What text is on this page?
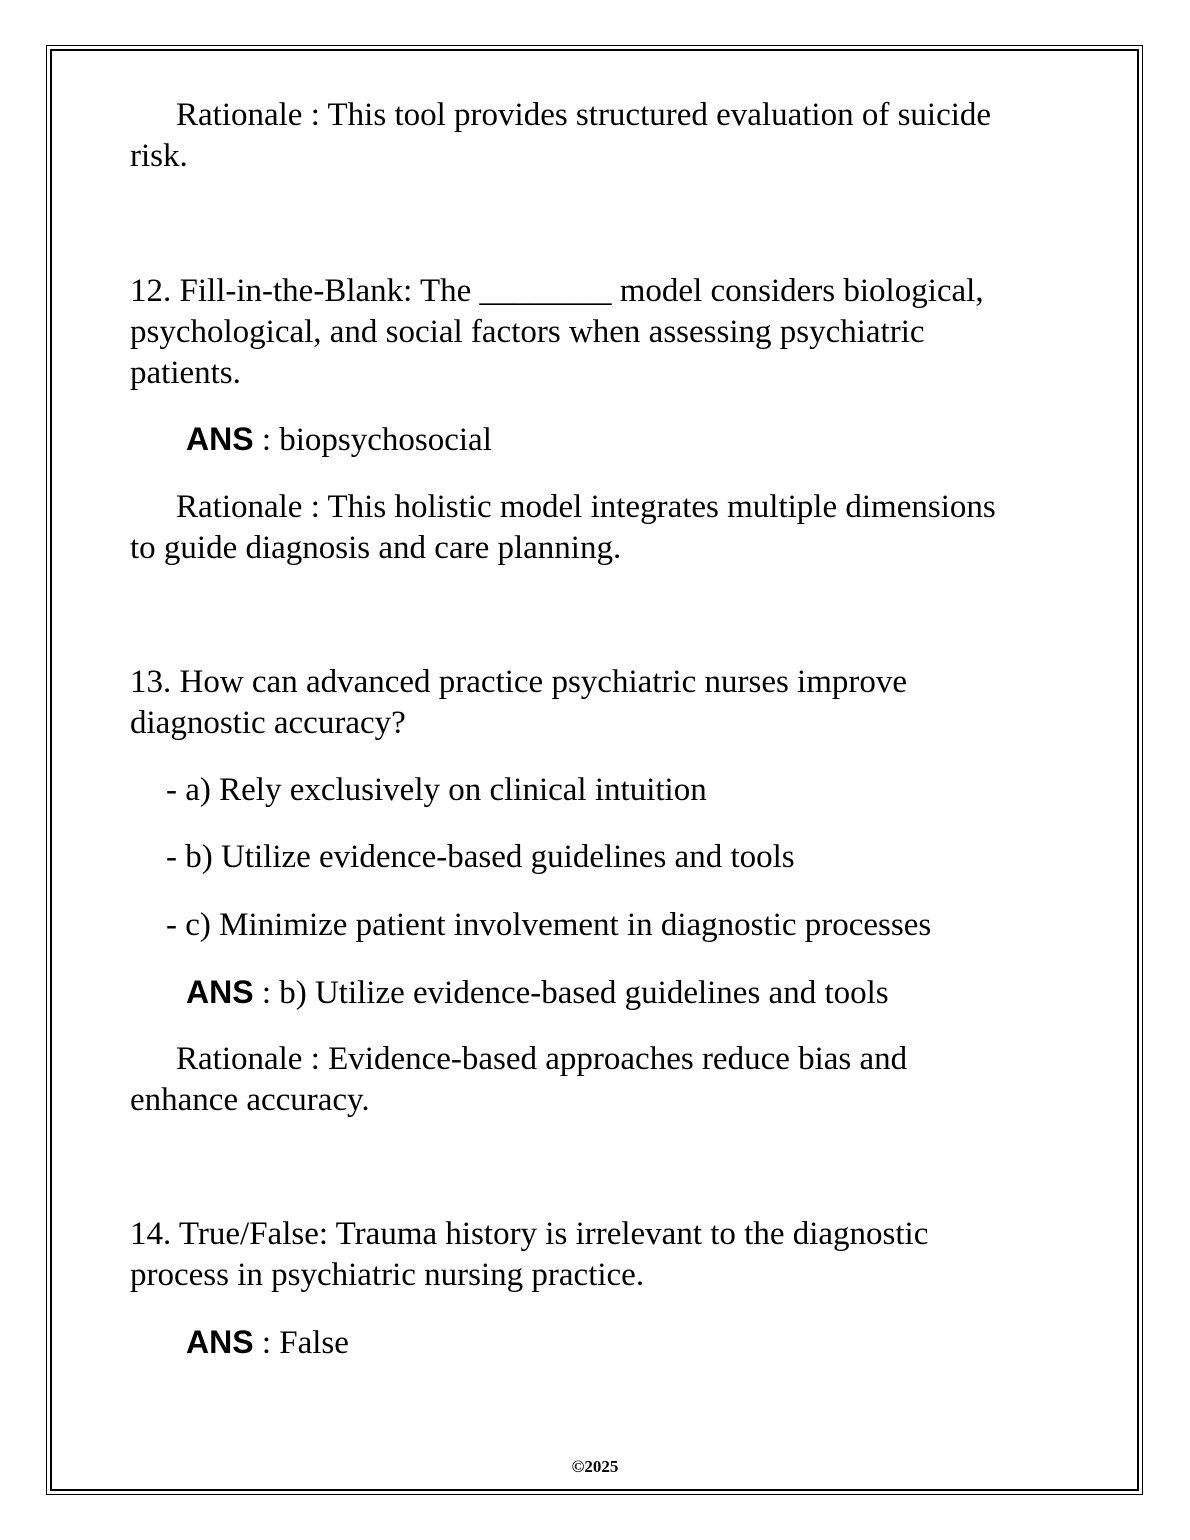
Rationale : This tool provides structured evaluation of suicide
risk.
12. Fill-in-the-Blank: The ________ model considers biological,
psychological, and social factors when assessing psychiatric
patients.
ANS : biopsychosocial
Rationale : This holistic model integrates multiple dimensions
to guide diagnosis and care planning.
13. How can advanced practice psychiatric nurses improve
diagnostic accuracy?
- a) Rely exclusively on clinical intuition
- b) Utilize evidence-based guidelines and tools
- c) Minimize patient involvement in diagnostic processes
ANS : b) Utilize evidence-based guidelines and tools
Rationale : Evidence-based approaches reduce bias and
enhance accuracy.
14. True/False: Trauma history is irrelevant to the diagnostic
process in psychiatric nursing practice.
ANS : False
©2025
